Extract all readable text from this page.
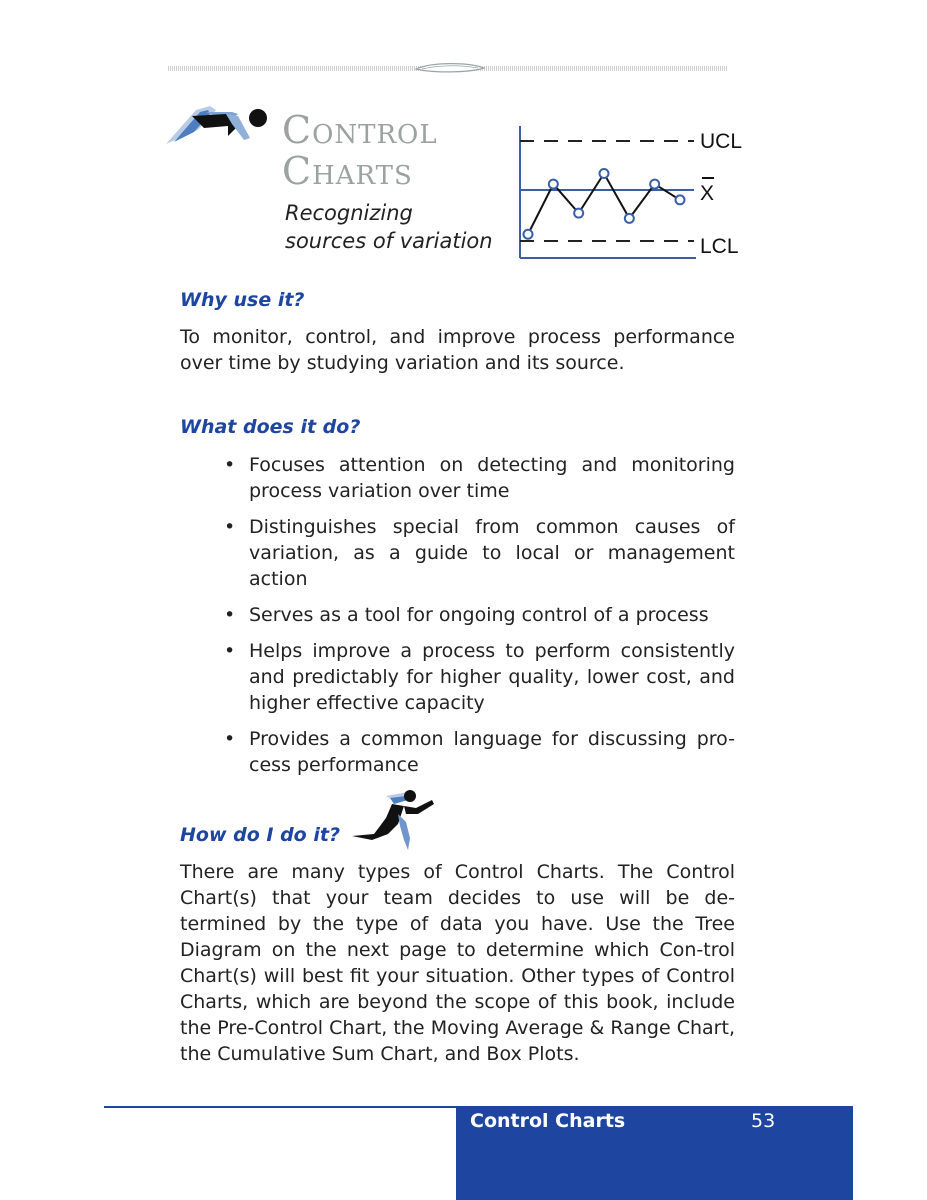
CONTROL
CHARTS
Recognizing
sources of variation
UCL
X
LCL
Why use it?

To monitor, control, and improve process performance over time by studying variation and its source.

What does it do?
• Focuses attention on detecting and monitoring process variation over time
• Distinguishes special from common causes of variation, as a guide to local or management action
• Serves as a tool for ongoing control of a process
• Helps improve a process to perform consistently and predictably for higher quality, lower cost, and higher effective capacity
• Provides a common language for discussing pro-cess performance
How do I do it?

There are many types of Control Charts. The Control Chart(s) that your team decides to use will be de-termined by the type of data you have. Use the Tree Diagram on the next page to determine which Con-trol Chart(s) will best fit your situation. Other types of Control Charts, which are beyond the scope of this book, include the Pre-Control Chart, the Moving Average & Range Chart, the Cumulative Sum Chart, and Box Plots.

Control Charts	53
